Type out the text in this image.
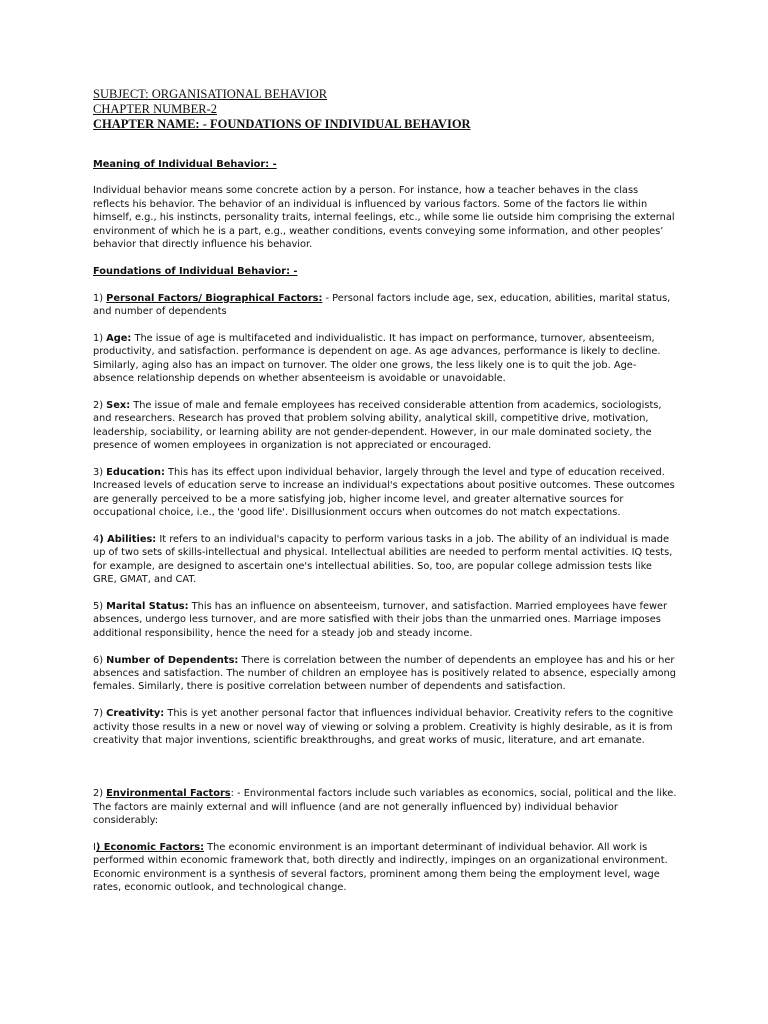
SUBJECT: ORGANISATIONAL BEHAVIOR

CHAPTER NUMBER-2

CHAPTER NAME: - FOUNDATIONS OF INDIVIDUAL BEHAVIOR

Meaning of Individual Behavior: -

Individual behavior means some concrete action by a person. For instance, how a teacher behaves in the class reflects his behavior. The behavior of an individual is influenced by various factors. Some of the factors lie within himself, e.g., his instincts, personality traits, internal feelings, etc., while some lie outside him comprising the external environment of which he is a part, e.g., weather conditions, events conveying some information, and other peoples’ behavior that directly influence his behavior.

Foundations of Individual Behavior: -

1) Personal Factors/ Biographical Factors: - Personal factors include age, sex, education, abilities, marital status, and number of dependents

1) Age: The issue of age is multifaceted and individualistic. It has impact on performance, turnover, absenteeism, productivity, and satisfaction. performance is dependent on age. As age advances, performance is likely to decline. Similarly, aging also has an impact on turnover. The older one grows, the less likely one is to quit the job. Age-absence relationship depends on whether absenteeism is avoidable or unavoidable.

2) Sex: The issue of male and female employees has received considerable attention from academics, sociologists, and researchers. Research has proved that problem solving ability, analytical skill, competitive drive, motivation, leadership, sociability, or learning ability are not gender-dependent. However, in our male dominated society, the presence of women employees in organization is not appreciated or encouraged.

3) Education: This has its effect upon individual behavior, largely through the level and type of education received. Increased levels of education serve to increase an individual's expectations about positive outcomes. These outcomes are generally perceived to be a more satisfying job, higher income level, and greater alternative sources for occupational choice, i.e., the 'good life'. Disillusionment occurs when outcomes do not match expectations.

4) Abilities: It refers to an individual's capacity to perform various tasks in a job. The ability of an individual is made up of two sets of skills-intellectual and physical. Intellectual abilities are needed to perform mental activities. IQ tests, for example, are designed to ascertain one's intellectual abilities. So, too, are popular college admission tests like GRE, GMAT, and CAT.

5) Marital Status: This has an influence on absenteeism, turnover, and satisfaction. Married employees have fewer absences, undergo less turnover, and are more satisfied with their jobs than the unmarried ones. Marriage imposes additional responsibility, hence the need for a steady job and steady income.

6) Number of Dependents: There is correlation between the number of dependents an employee has and his or her absences and satisfaction. The number of children an employee has is positively related to absence, especially among females. Similarly, there is positive correlation between number of dependents and satisfaction.

7) Creativity: This is yet another personal factor that influences individual behavior. Creativity refers to the cognitive activity those results in a new or novel way of viewing or solving a problem. Creativity is highly desirable, as it is from creativity that major inventions, scientific breakthroughs, and great works of music, literature, and art emanate.

2) Environmental Factors: - Environmental factors include such variables as economics, social, political and the like. The factors are mainly external and will influence (and are not generally influenced by) individual behavior considerably:

I) Economic Factors: The economic environment is an important determinant of individual behavior. All work is performed within economic framework that, both directly and indirectly, impinges on an organizational environment. Economic environment is a synthesis of several factors, prominent among them being the employment level, wage rates, economic outlook, and technological change.
